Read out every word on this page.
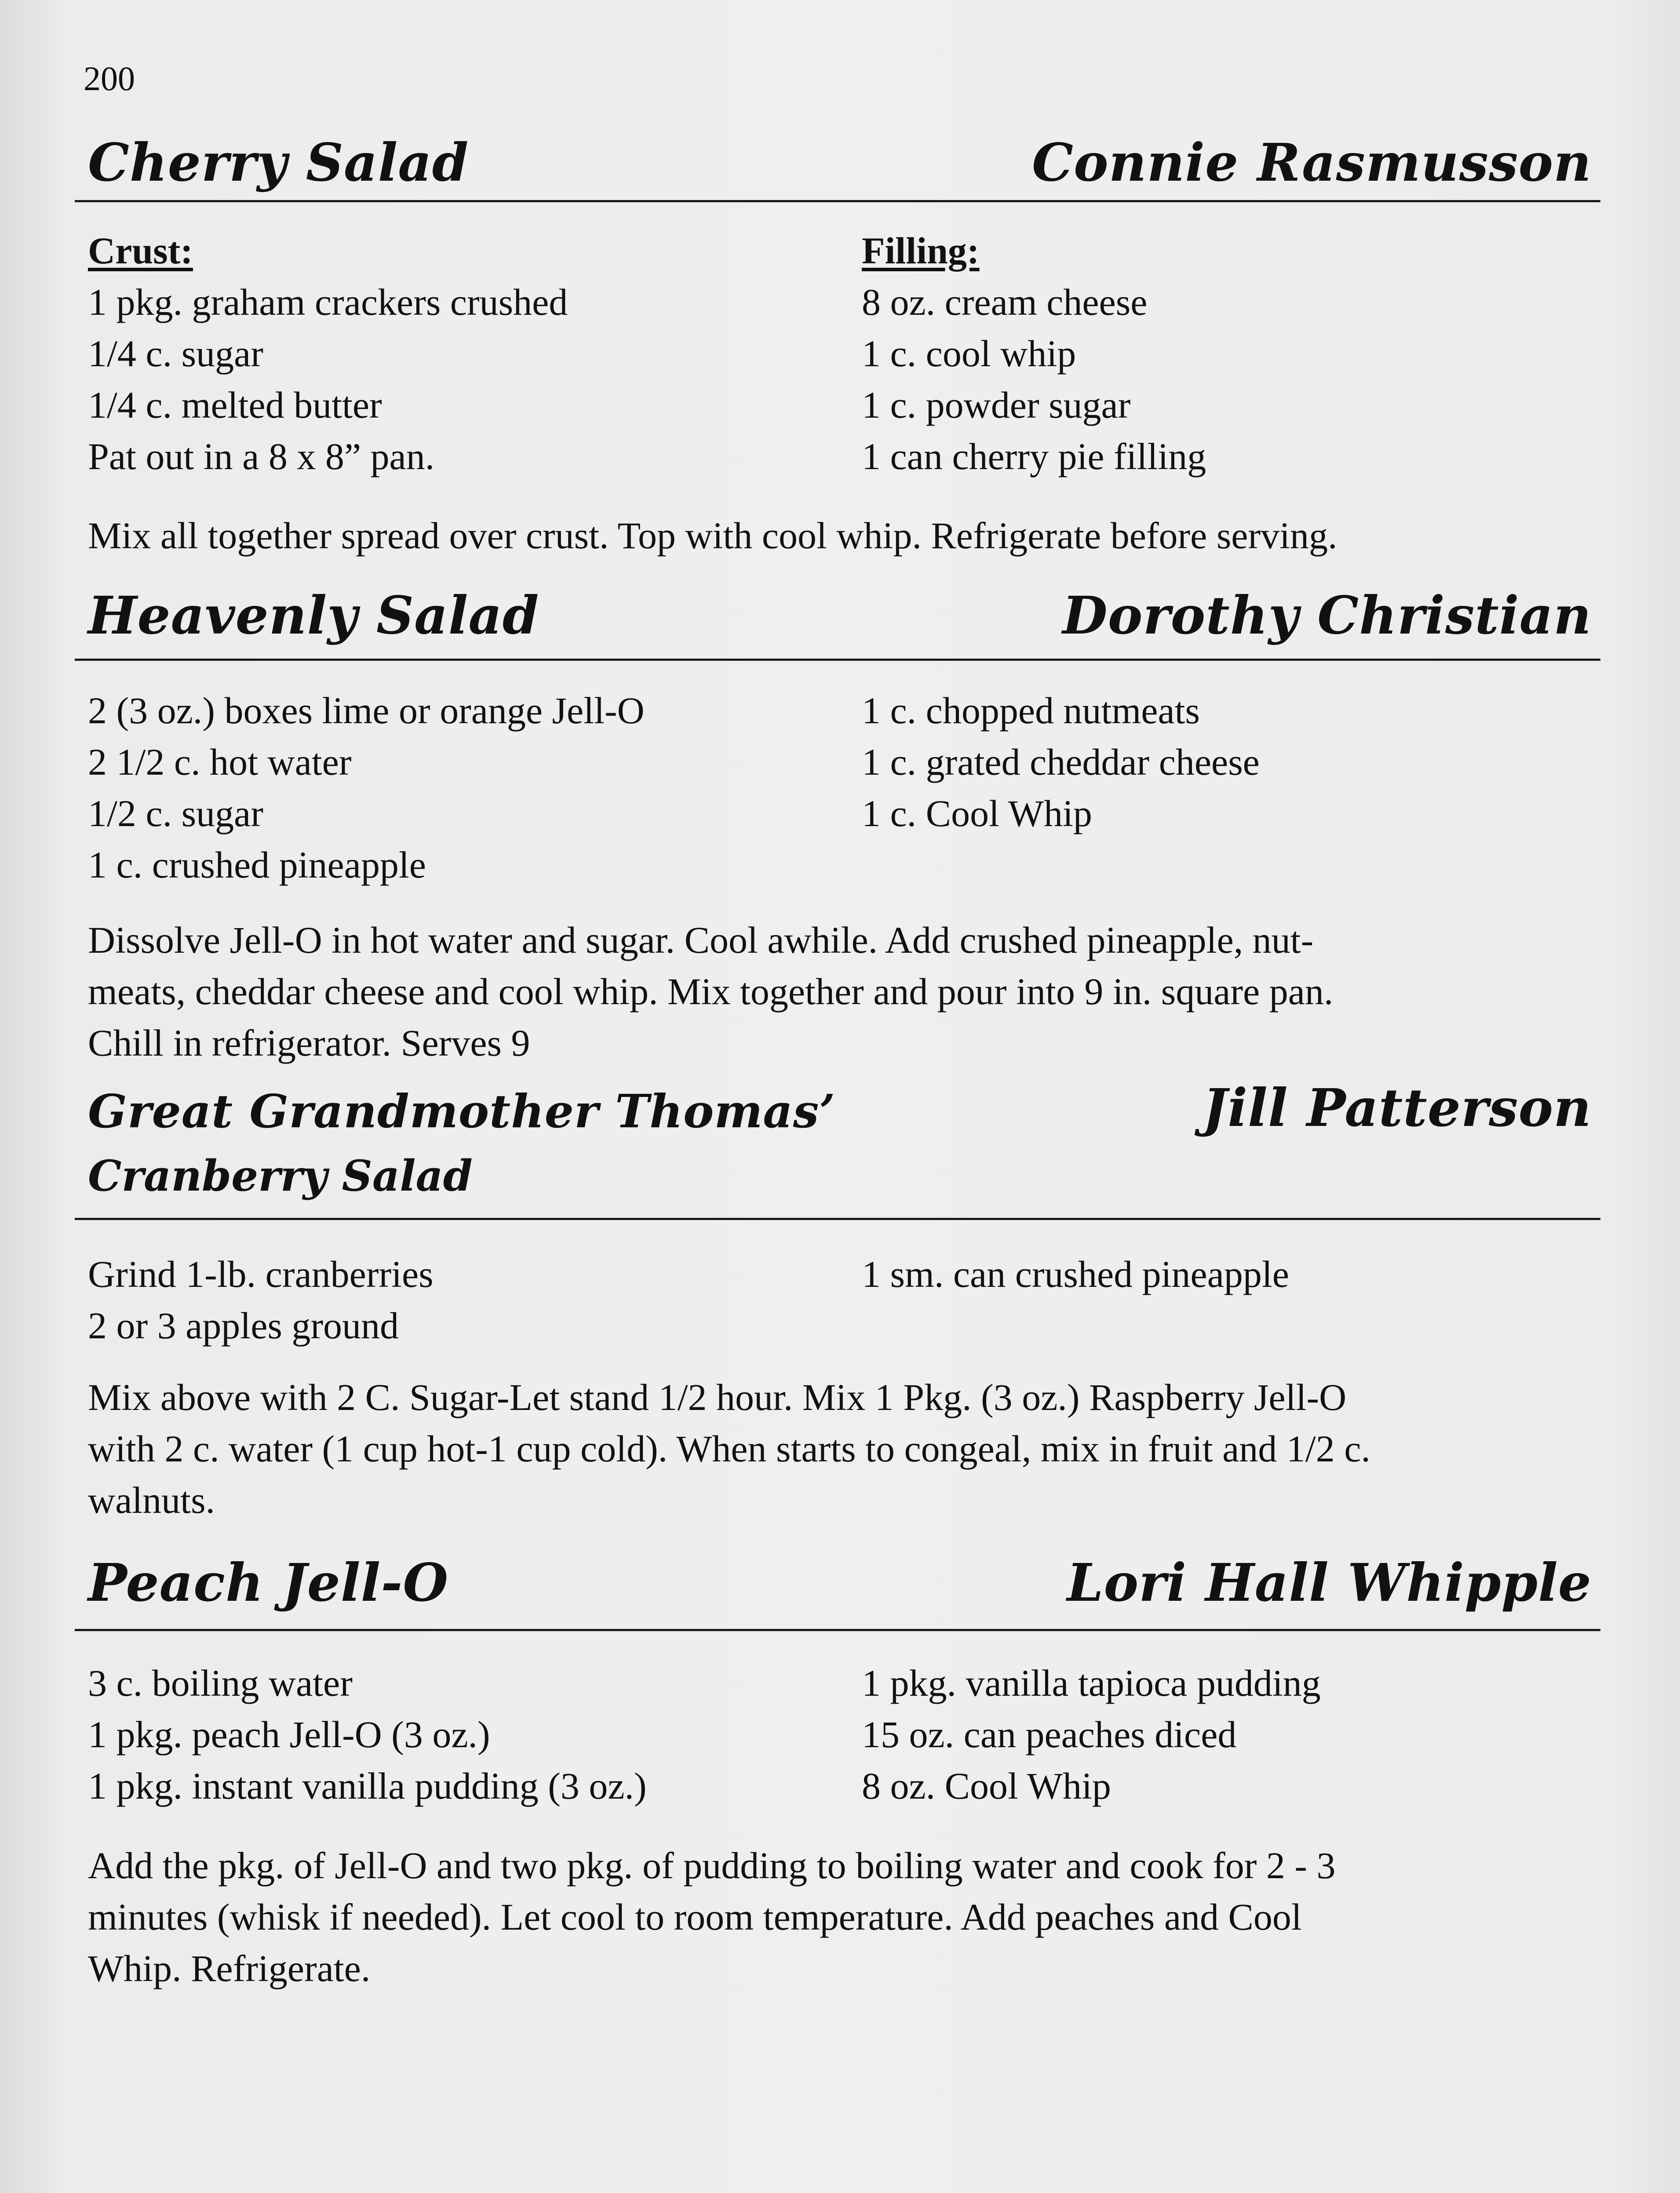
200
Cherry Salad	Connie Rasmusson
Crust:
1 pkg. graham crackers crushed
1/4 c. sugar
1/4 c. melted butter
Pat out in a 8 x 8” pan.
Filling:
8 oz. cream cheese
1 c. cool whip
1 c. powder sugar
1 can cherry pie filling
Mix all together spread over crust. Top with cool whip. Refrigerate before serving.
Heavenly Salad	Dorothy Christian
2 (3 oz.) boxes lime or orange Jell-O
2 1/2 c. hot water
1/2 c. sugar
1 c. crushed pineapple
1 c. chopped nutmeats
1 c. grated cheddar cheese
1 c. Cool Whip
Dissolve Jell-O in hot water and sugar. Cool awhile. Add crushed pineapple, nut-
meats, cheddar cheese and cool whip. Mix together and pour into 9 in. square pan.
Chill in refrigerator. Serves 9
Great Grandmother Thomas’	Jill Patterson
Cranberry Salad
Grind 1-lb. cranberries
2 or 3 apples ground
1 sm. can crushed pineapple
Mix above with 2 C. Sugar-Let stand 1/2 hour. Mix 1 Pkg. (3 oz.) Raspberry Jell-O
with 2 c. water (1 cup hot-1 cup cold). When starts to congeal, mix in fruit and 1/2 c.
walnuts.
Peach Jell-O	Lori Hall Whipple
3 c. boiling water
1 pkg. peach Jell-O (3 oz.)
1 pkg. instant vanilla pudding (3 oz.)
1 pkg. vanilla tapioca pudding
15 oz. can peaches diced
8 oz. Cool Whip
Add the pkg. of Jell-O and two pkg. of pudding to boiling water and cook for 2 - 3
minutes (whisk if needed). Let cool to room temperature. Add peaches and Cool
Whip. Refrigerate.
